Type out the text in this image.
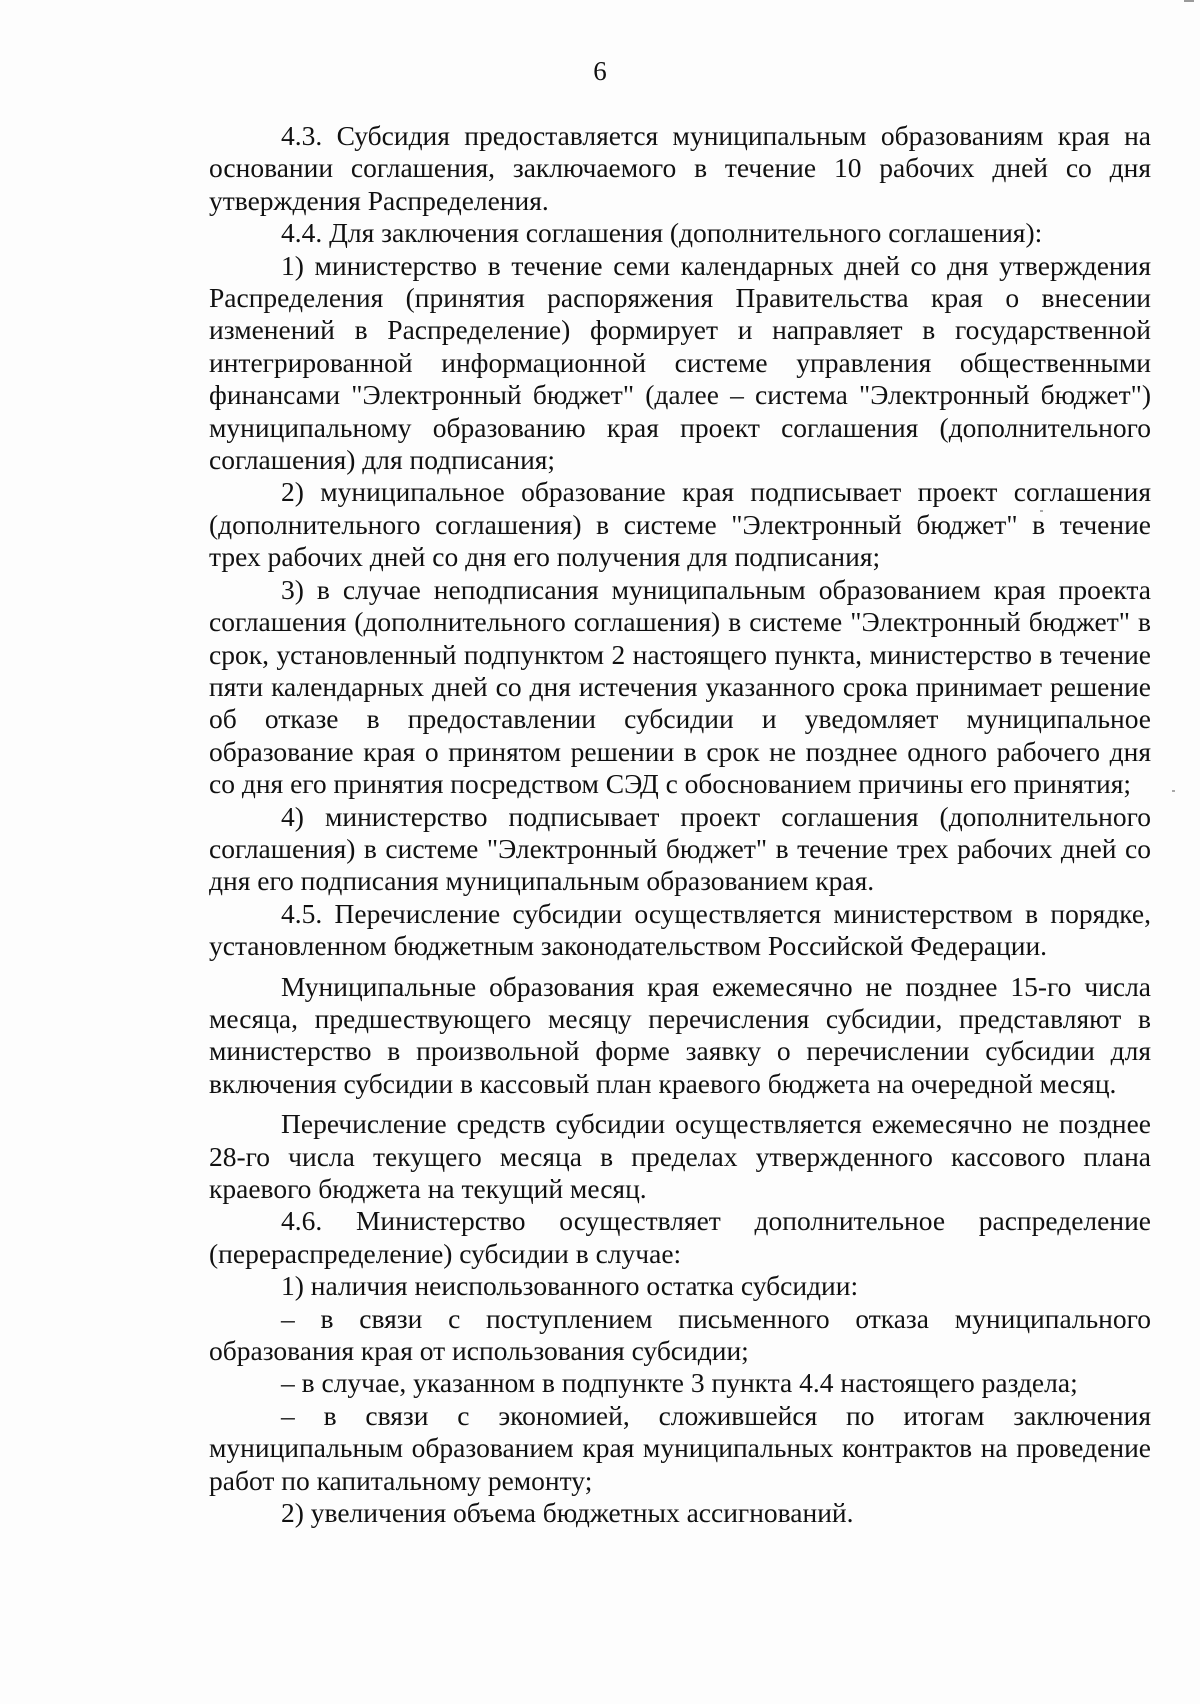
6

4.3. Субсидия предоставляется муниципальным образованиям края на основании соглашения, заключаемого в течение 10 рабочих дней со дня утверждения Распределения.

4.4. Для заключения соглашения (дополнительного соглашения):

1) министерство в течение семи календарных дней со дня утверждения Распределения (принятия распоряжения Правительства края о внесении изменений в Распределение) формирует и направляет в государственной интегрированной информационной системе управления общественными финансами "Электронный бюджет" (далее – система "Электронный бюджет") муниципальному образованию края проект соглашения (дополнительного соглашения) для подписания;

2) муниципальное образование края подписывает проект соглашения (дополнительного соглашения) в системе "Электронный бюджет" в течение трех рабочих дней со дня его получения для подписания;

3) в случае неподписания муниципальным образованием края проекта соглашения (дополнительного соглашения) в системе "Электронный бюджет" в срок, установленный подпунктом 2 настоящего пункта, министерство в течение пяти календарных дней со дня истечения указанного срока принимает решение об отказе в предоставлении субсидии и уведомляет муниципальное образование края о принятом решении в срок не позднее одного рабочего дня со дня его принятия посредством СЭД с обоснованием причины его принятия;

4) министерство подписывает проект соглашения (дополнительного соглашения) в системе "Электронный бюджет" в течение трех рабочих дней со дня его подписания муниципальным образованием края.

4.5. Перечисление субсидии осуществляется министерством в порядке, установленном бюджетным законодательством Российской Федерации.

Муниципальные образования края ежемесячно не позднее 15-го числа месяца, предшествующего месяцу перечисления субсидии, представляют в министерство в произвольной форме заявку о перечислении субсидии для включения субсидии в кассовый план краевого бюджета на очередной месяц.

Перечисление средств субсидии осуществляется ежемесячно не позднее 28-го числа текущего месяца в пределах утвержденного кассового плана краевого бюджета на текущий месяц.

4.6. Министерство осуществляет дополнительное распределение (перераспределение) субсидии в случае:

1) наличия неиспользованного остатка субсидии:

– в связи с поступлением письменного отказа муниципального образования края от использования субсидии;

– в случае, указанном в подпункте 3 пункта 4.4 настоящего раздела;

– в связи с экономией, сложившейся по итогам заключения муниципальным образованием края муниципальных контрактов на проведение работ по капитальному ремонту;

2) увеличения объема бюджетных ассигнований.
